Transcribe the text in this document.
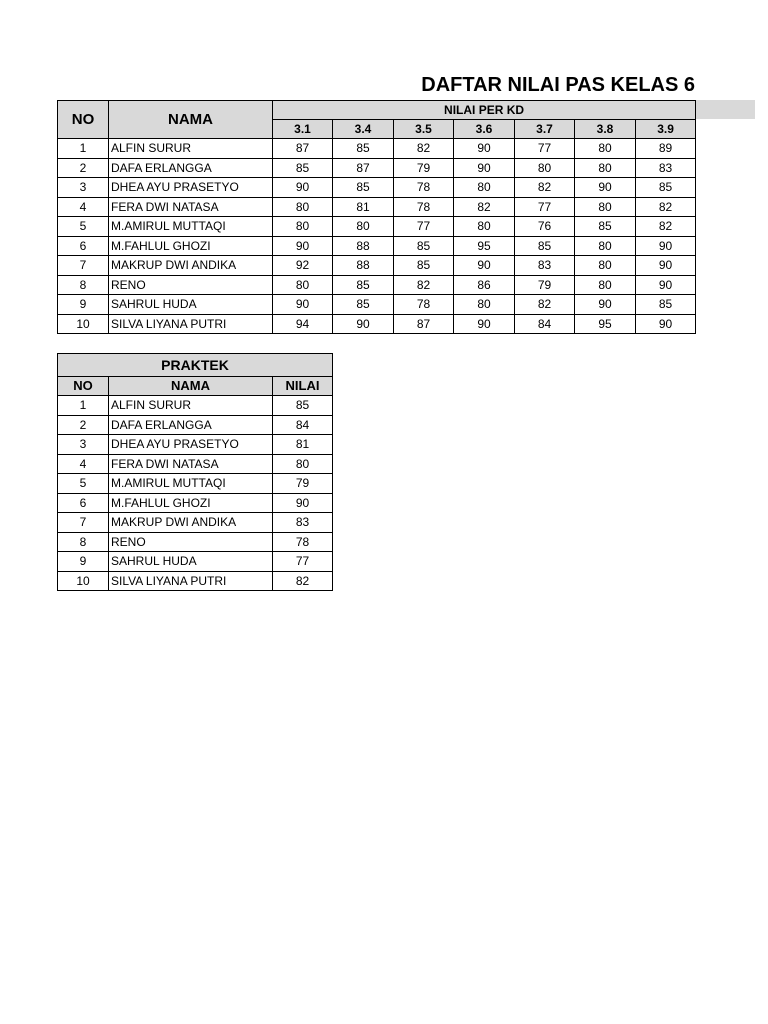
DAFTAR NILAI PAS KELAS 6
NO	NAMA	NILAI PER KD						
		3.1	3.4	3.5	3.6	3.7	3.8	3.9
1	ALFIN SURUR	87	85	82	90	77	80	89
2	DAFA ERLANGGA	85	87	79	90	80	80	83
3	DHEA AYU PRASETYO	90	85	78	80	82	90	85
4	FERA DWI NATASA	80	81	78	82	77	80	82
5	M.AMIRUL MUTTAQI	80	80	77	80	76	85	82
6	M.FAHLUL GHOZI	90	88	85	95	85	80	90
7	MAKRUP DWI ANDIKA	92	88	85	90	83	80	90
8	RENO	80	85	82	86	79	80	90
9	SAHRUL HUDA	90	85	78	80	82	90	85
10	SILVA LIYANA PUTRI	94	90	87	90	84	95	90
PRAKTEK		
NO	NAMA	NILAI
1	ALFIN SURUR	85
2	DAFA ERLANGGA	84
3	DHEA AYU PRASETYO	81
4	FERA DWI NATASA	80
5	M.AMIRUL MUTTAQI	79
6	M.FAHLUL GHOZI	90
7	MAKRUP DWI ANDIKA	83
8	RENO	78
9	SAHRUL HUDA	77
10	SILVA LIYANA PUTRI	82
